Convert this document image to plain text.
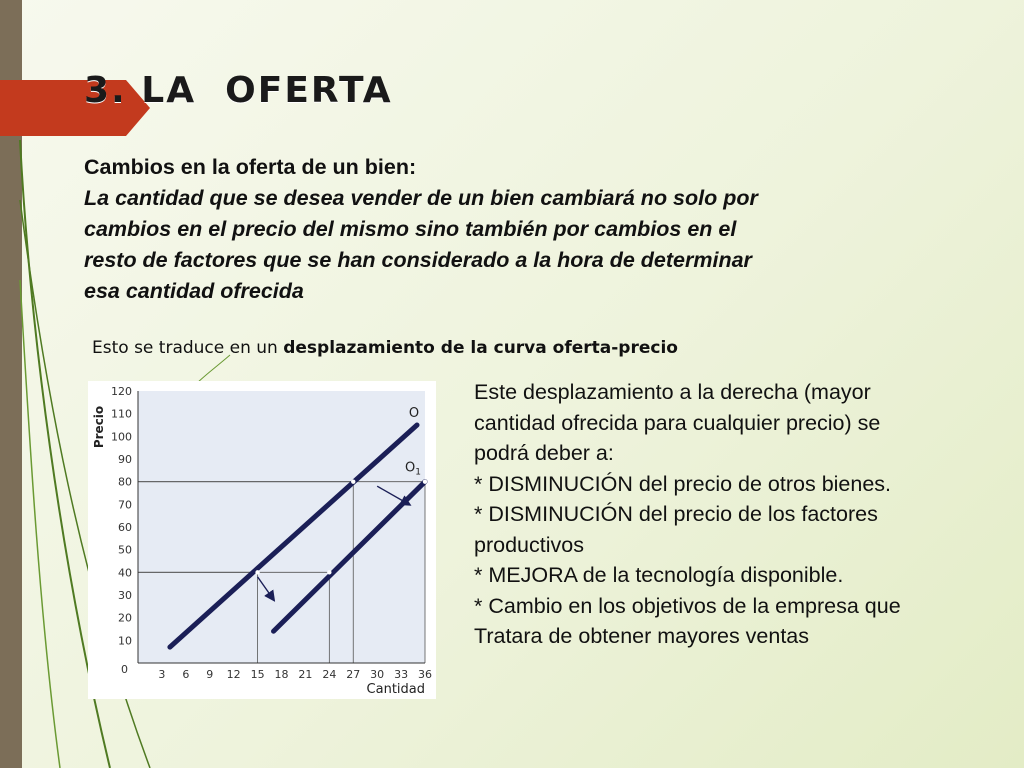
3. LA  OFERTA
Cambios en la oferta de un bien:
La cantidad que se desea vender de un bien cambiará no solo por
cambios en el precio del mismo sino también por cambios en el
resto de factores que se han considerado a la hora de determinar
esa cantidad ofrecida
Esto se traduce en un desplazamiento de la curva oferta-precio
10
20
30
40
50
60
70
80
90
100
110
120
3 6 9 12 15 18 21 24 27 30 33 36
0
Cantidad
Precio	O
$O_1$
Este desplazamiento a la derecha (mayor
cantidad ofrecida para cualquier precio) se
podrá deber a:
* DISMINUCIÓN del precio de otros bienes.
* DISMINUCIÓN del precio de los factores
productivos
* MEJORA de la tecnología disponible.
* Cambio en los objetivos de la empresa que
Tratara de obtener mayores ventas
